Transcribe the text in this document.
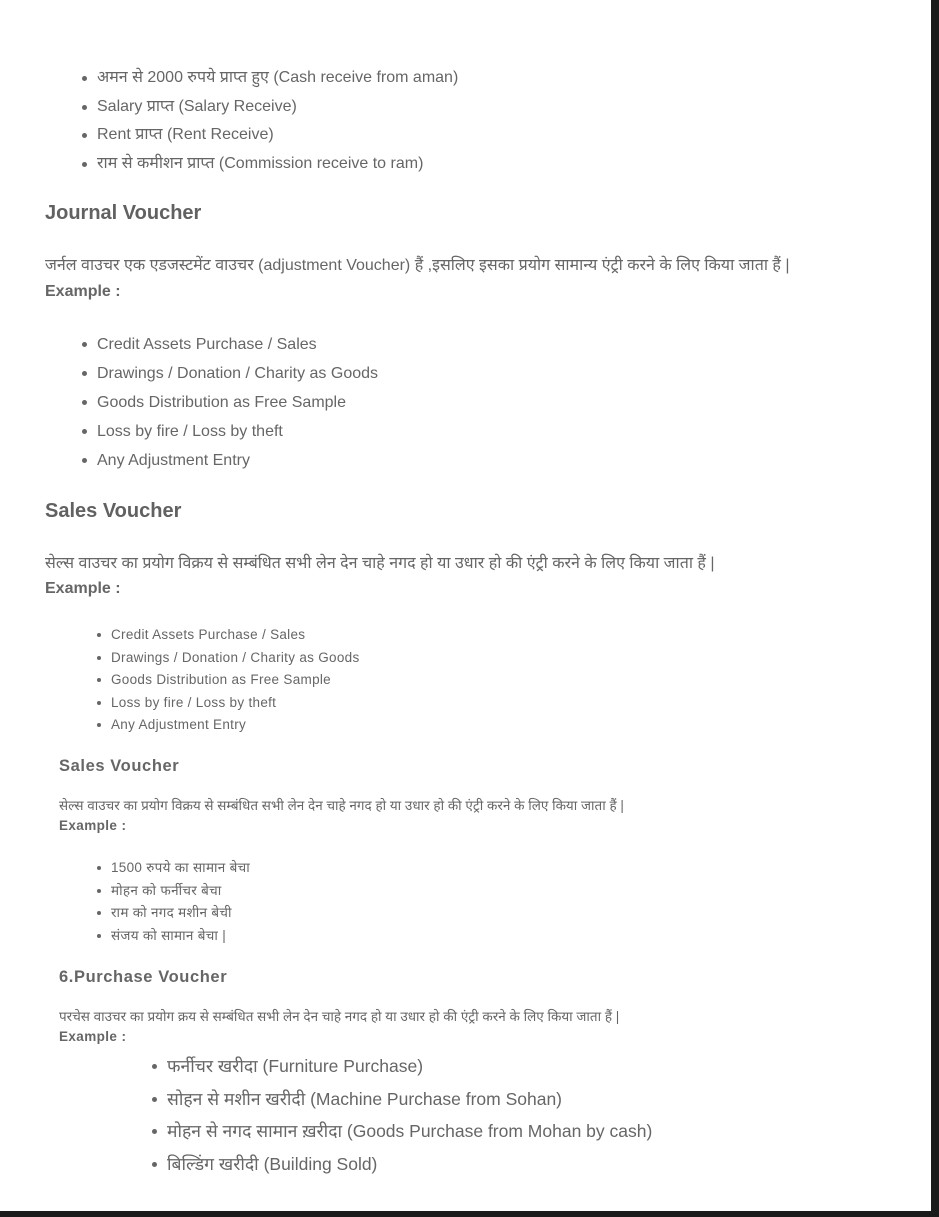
अमन से 2000 रुपये प्राप्त हुए (Cash receive from aman)
Salary प्राप्त (Salary Receive)
Rent प्राप्त (Rent Receive)
राम से कमीशन प्राप्त (Commission receive to ram)
Journal Voucher
जर्नल वाउचर एक एडजस्टमेंट वाउचर (adjustment Voucher) हैं ,इसलिए इसका प्रयोग सामान्य एंट्री करने के लिए किया जाता हैं |
Example :
Credit Assets Purchase / Sales
Drawings / Donation / Charity as Goods
Goods Distribution as Free Sample
Loss by fire / Loss by theft
Any Adjustment Entry
Sales Voucher
सेल्स वाउचर का प्रयोग विक्रय से सम्बंधित सभी लेन देन चाहे नगद हो या उधार हो की एंट्री करने के लिए किया जाता हैं |
Example :
Credit Assets Purchase / Sales
Drawings / Donation / Charity as Goods
Goods Distribution as Free Sample
Loss by fire / Loss by theft
Any Adjustment Entry
Sales Voucher
सेल्स वाउचर का प्रयोग विक्रय से सम्बंधित सभी लेन देन चाहे नगद हो या उधार हो की एंट्री करने के लिए किया जाता हैं |
Example :
1500 रुपये का सामान बेचा
मोहन को फर्नीचर बेचा
राम को नगद मशीन बेची
संजय को सामान बेचा |
6.Purchase Voucher
परचेस वाउचर का प्रयोग क्रय से सम्बंधित सभी लेन देन चाहे नगद हो या उधार हो की एंट्री करने के लिए किया जाता हैं |
Example :
फर्नीचर खरीदा (Furniture Purchase)
सोहन से मशीन खरीदी (Machine Purchase from Sohan)
मोहन से नगद सामान ख़रीदा (Goods Purchase from Mohan by cash)
बिल्डिंग खरीदी (Building Sold)
